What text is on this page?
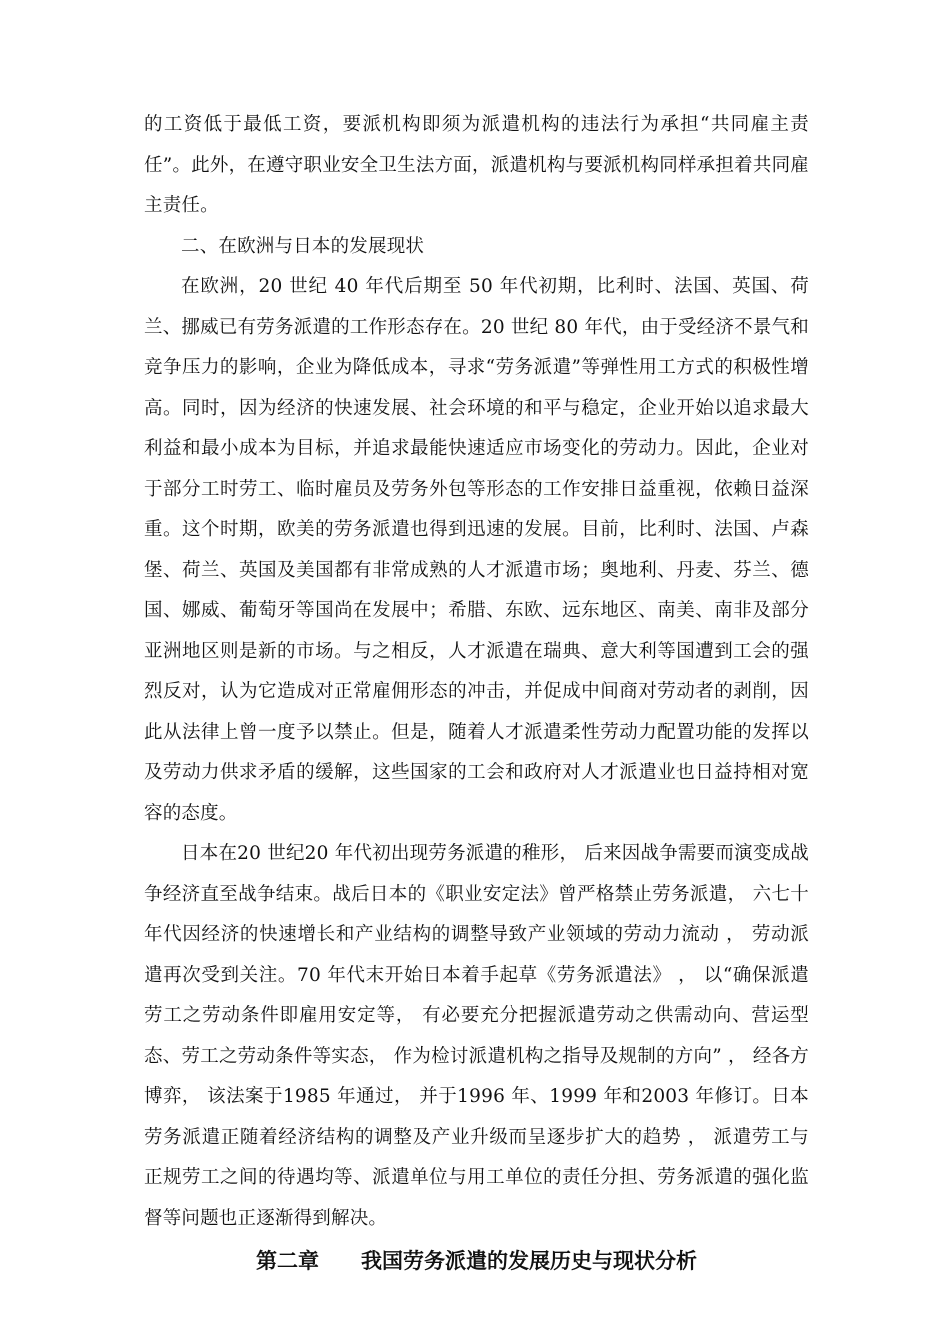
的工资低于最低工资，要派机构即须为派遣机构的违法行为承担“共同雇主责任”。此外，在遵守职业安全卫生法方面，派遣机构与要派机构同样承担着共同雇主责任。

二、在欧洲与日本的发展现状

在欧洲，20 世纪 40 年代后期至 50 年代初期，比利时、法国、英国、荷兰、挪威已有劳务派遣的工作形态存在。20 世纪 80 年代，由于受经济不景气和竞争压力的影响，企业为降低成本，寻求“劳务派遣”等弹性用工方式的积极性增高。同时，因为经济的快速发展、社会环境的和平与稳定，企业开始以追求最大利益和最小成本为目标，并追求最能快速适应市场变化的劳动力。因此，企业对于部分工时劳工、临时雇员及劳务外包等形态的工作安排日益重视，依赖日益深重。这个时期，欧美的劳务派遣也得到迅速的发展。目前，比利时、法国、卢森堡、荷兰、英国及美国都有非常成熟的人才派遣市场；奥地利、丹麦、芬兰、德国、娜威、葡萄牙等国尚在发展中；希腊、东欧、远东地区、南美、南非及部分亚洲地区则是新的市场。与之相反，人才派遣在瑞典、意大利等国遭到工会的强烈反对，认为它造成对正常雇佣形态的冲击，并促成中间商对劳动者的剥削，因此从法律上曾一度予以禁止。但是，随着人才派遣柔性劳动力配置功能的发挥以及劳动力供求矛盾的缓解，这些国家的工会和政府对人才派遣业也日益持相对宽容的态度。

日本在20 世纪20 年代初出现劳务派遣的稚形， 后来因战争需要而演变成战争经济直至战争结束。战后日本的《职业安定法》曾严格禁止劳务派遣， 六七十年代因经济的快速增长和产业结构的调整导致产业领域的劳动力流动 ， 劳动派遣再次受到关注。70 年代末开始日本着手起草《劳务派遣法》 ， 以“确保派遣劳工之劳动条件即雇用安定等， 有必要充分把握派遣劳动之供需动向、营运型态、劳工之劳动条件等实态， 作为检讨派遣机构之指导及规制的方向” ， 经各方博弈， 该法案于1985 年通过， 并于1996 年、1999 年和2003 年修订。日本劳务派遣正随着经济结构的调整及产业升级而呈逐步扩大的趋势 ， 派遣劳工与正规劳工之间的待遇均等、派遣单位与用工单位的责任分担、劳务派遣的强化监督等问题也正逐渐得到解决。

第二章　　我国劳务派遣的发展历史与现状分析
